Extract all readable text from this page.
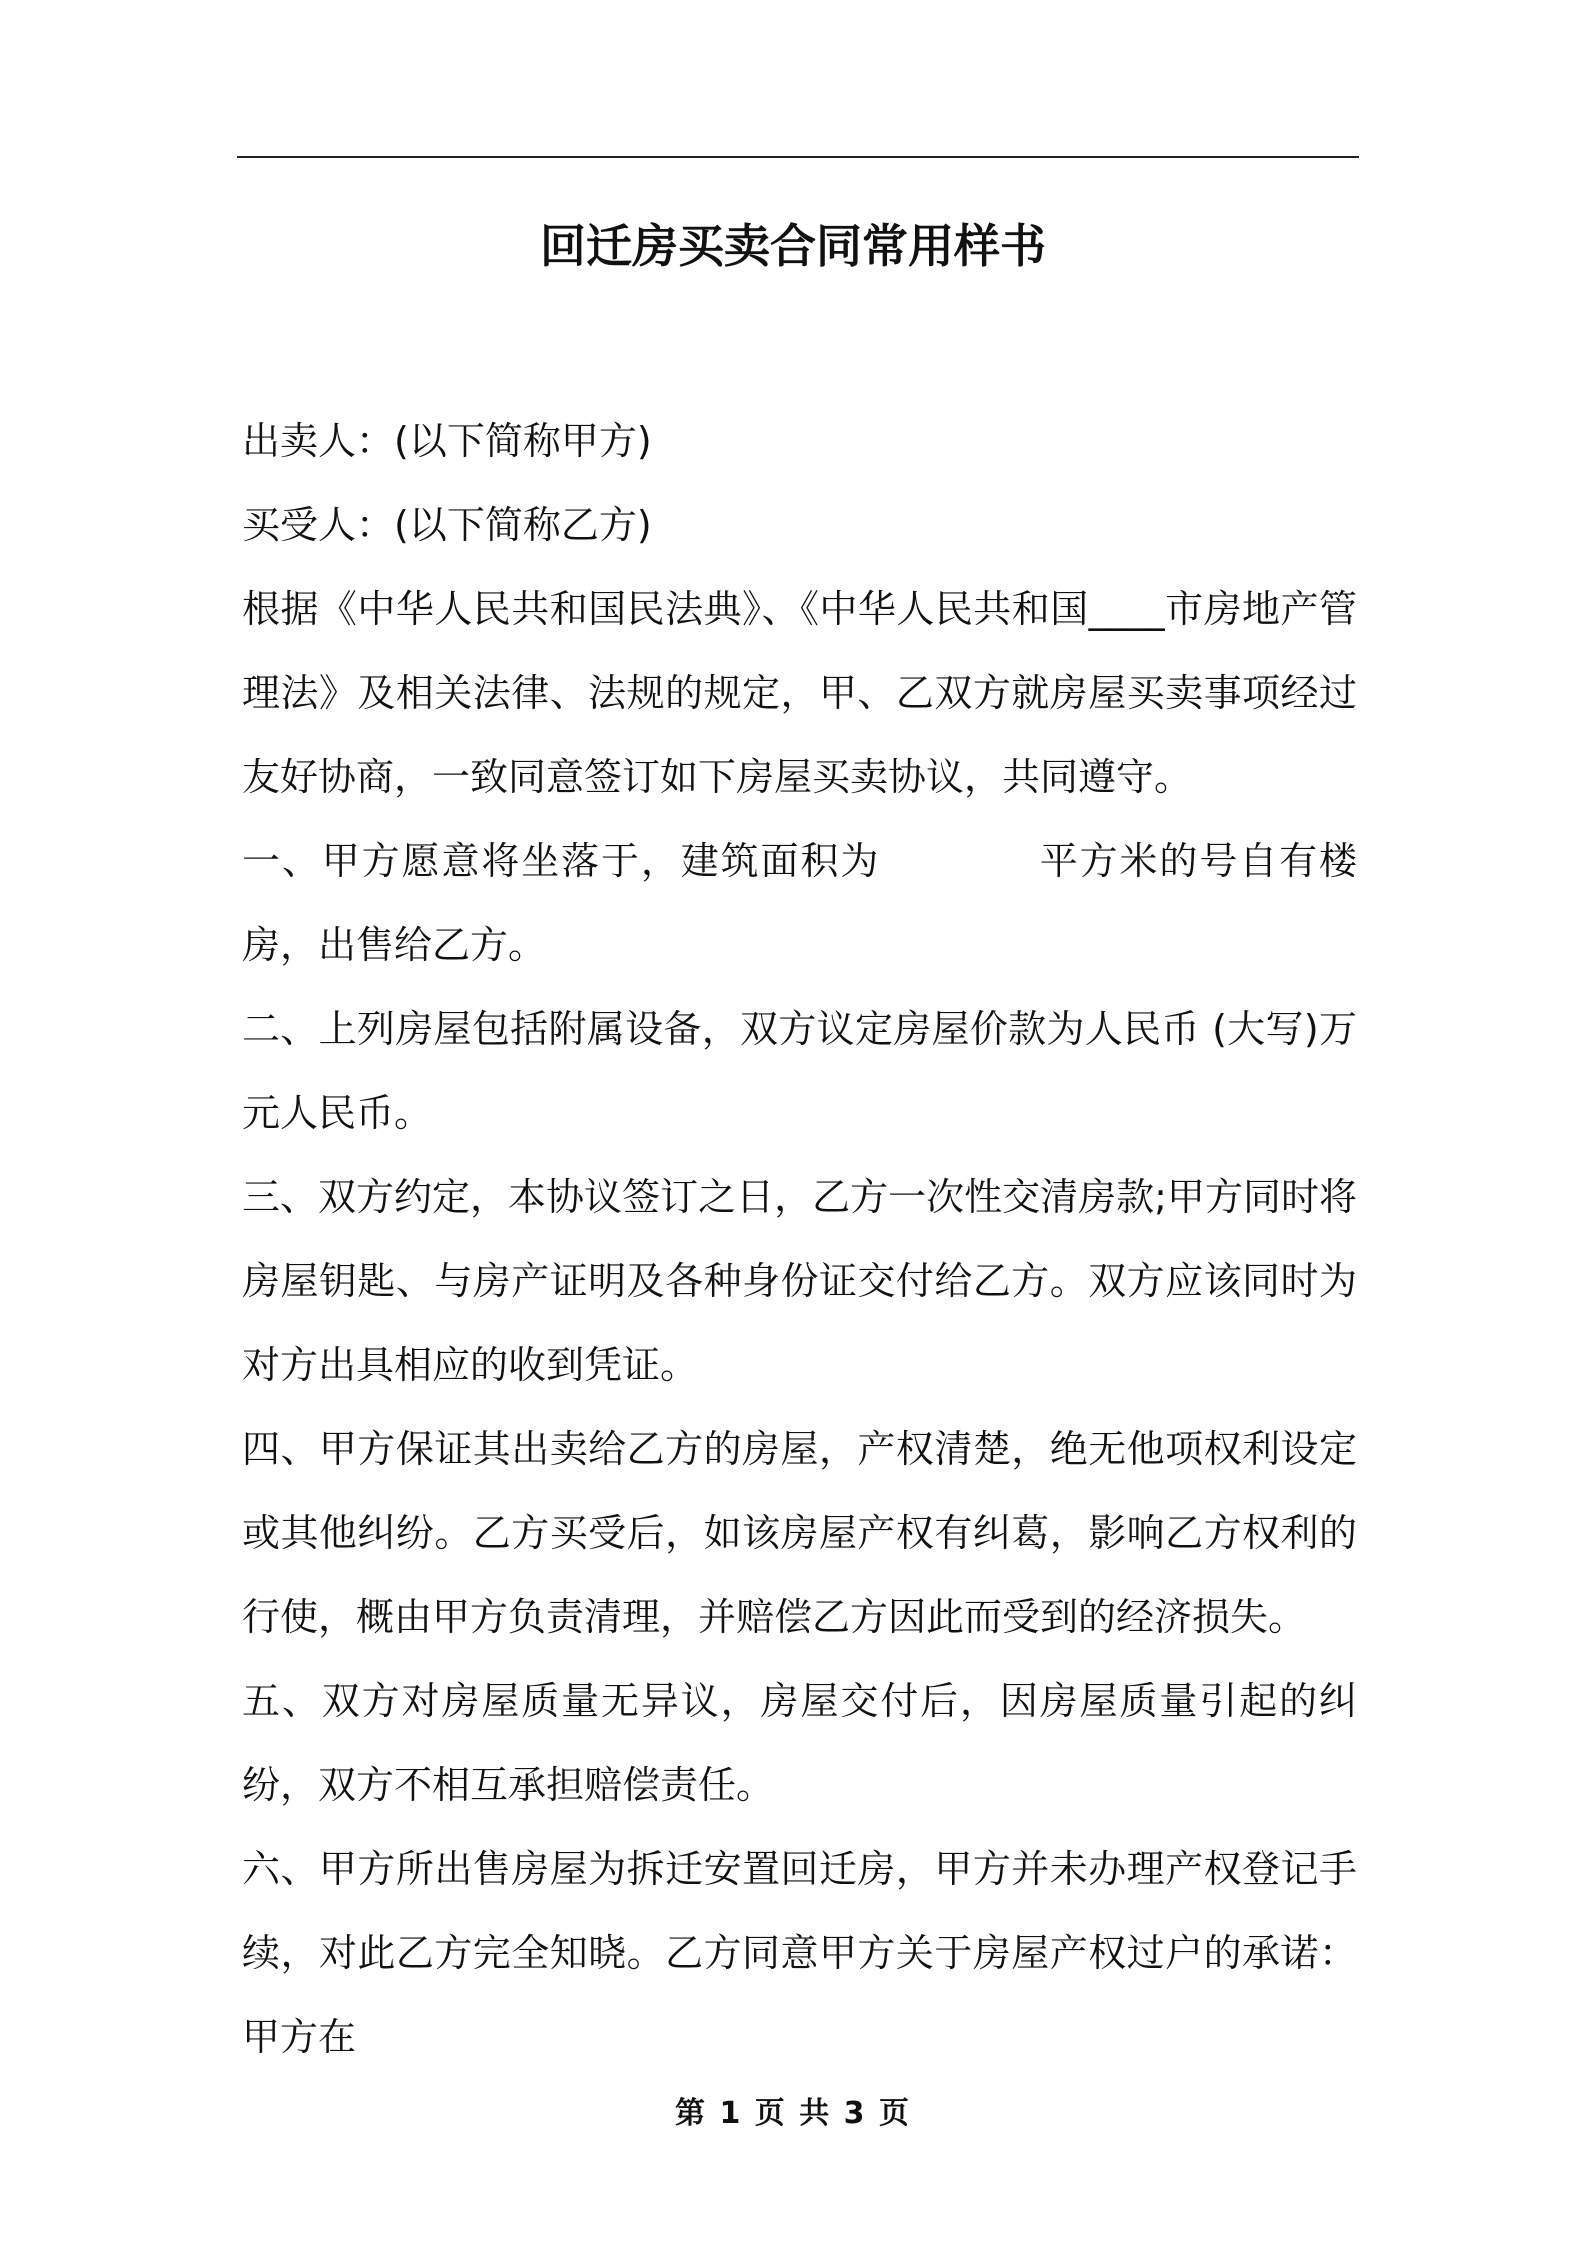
回迁房买卖合同常用样书

出卖人：(以下简称甲方)

买受人：(以下简称乙方)

根据《中华人民共和国民法典》、《中华人民共和国____市房地产管理法》及相关法律、法规的规定，甲、乙双方就房屋买卖事项经过友好协商，一致同意签订如下房屋买卖协议，共同遵守。

一、甲方愿意将坐落于，建筑面积为　　　　平方米的号自有楼房，出售给乙方。

二、上列房屋包括附属设备，双方议定房屋价款为人民币 (大写)万元人民币。

三、双方约定，本协议签订之日，乙方一次性交清房款;甲方同时将房屋钥匙、与房产证明及各种身份证交付给乙方。双方应该同时为对方出具相应的收到凭证。

四、甲方保证其出卖给乙方的房屋，产权清楚，绝无他项权利设定或其他纠纷。乙方买受后，如该房屋产权有纠葛，影响乙方权利的行使，概由甲方负责清理，并赔偿乙方因此而受到的经济损失。

五、双方对房屋质量无异议，房屋交付后，因房屋质量引起的纠纷，双方不相互承担赔偿责任。

六、甲方所出售房屋为拆迁安置回迁房，甲方并未办理产权登记手续，对此乙方完全知晓。乙方同意甲方关于房屋产权过户的承诺：甲方在

第 1 页 共 3 页
